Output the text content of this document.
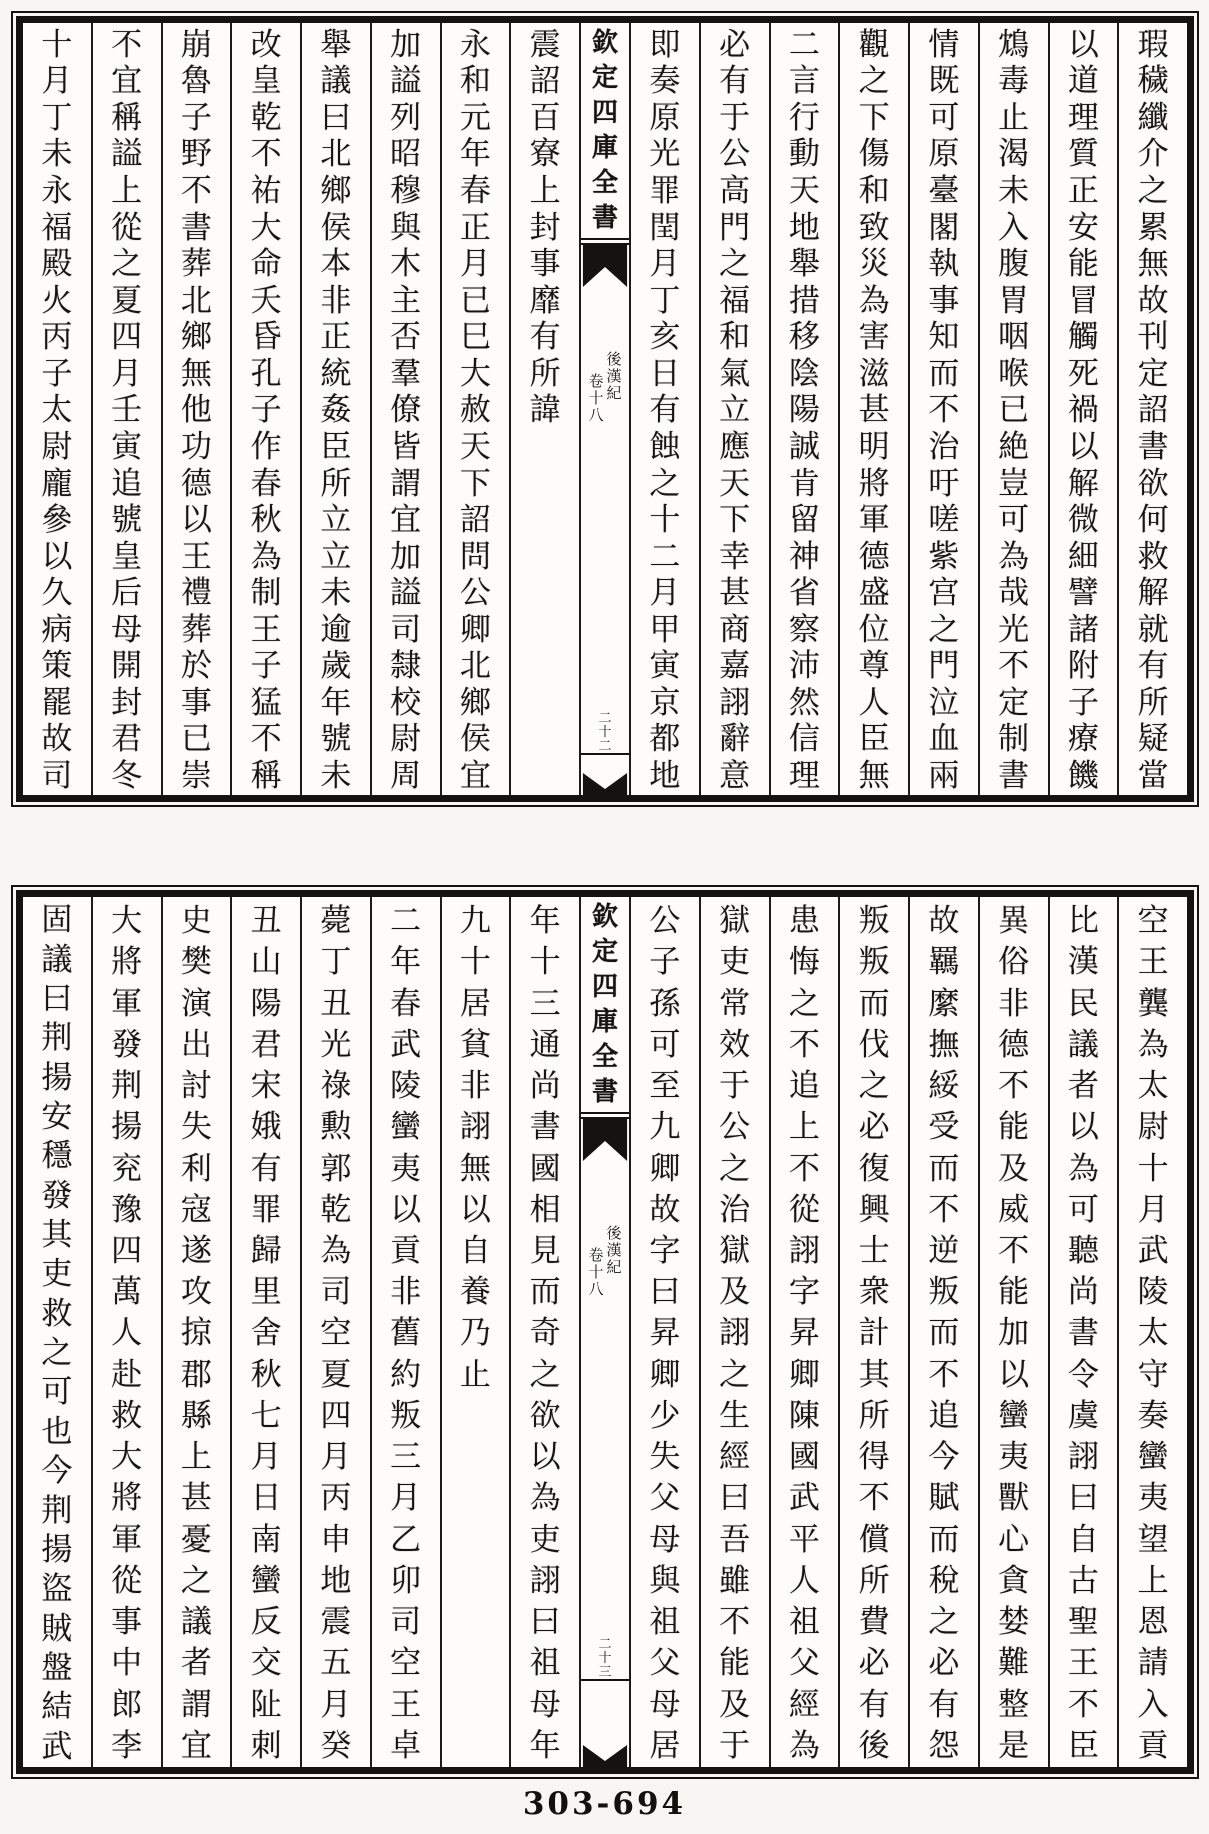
瑕
穢
纖
介
之
累
無
故
刊
定
詔
書
欲
何
救
解
就
有
所
疑
當
以
道
理
質
正
安
能
冒
觸
死
禍
以
解
微
細
譬
諸
附
子
療
饑
鴆
毒
止
渴
未
入
腹
胃
咽
喉
已
絶
豈
可
為
哉
光
不
定
制
書
情
既
可
原
臺
閣
執
事
知
而
不
治
吁
嗟
紫
宫
之
門
泣
血
兩
觀
之
下
傷
和
致
災
為
害
滋
甚
明
將
軍
德
盛
位
尊
人
臣
無
二
言
行
動
天
地
舉
措
移
陰
陽
誠
肯
留
神
省
察
沛
然
信
理
必
有
于
公
高
門
之
福
和
氣
立
應
天
下
幸
甚
商
嘉
詡
辭
意
即
奏
原
光
罪
閏
月
丁
亥
日
有
蝕
之
十
二
月
甲
寅
京
都
地
欽
定
四
庫
全
書
後
漢
紀
卷
十
八
二
十
二
震
詔
百
寮
上
封
事
靡
有
所
諱
永
和
元
年
春
正
月
已
巳
大
赦
天
下
詔
問
公
卿
北
鄉
侯
宜
加
謚
列
昭
穆
與
木
主
否
羣
僚
皆
謂
宜
加
謚
司
隸
校
尉
周
舉
議
曰
北
鄉
侯
本
非
正
統
姦
臣
所
立
立
未
逾
歲
年
號
未
改
皇
乾
不
祐
大
命
夭
昏
孔
子
作
春
秋
為
制
王
子
猛
不
稱
崩
魯
子
野
不
書
葬
北
鄉
無
他
功
德
以
王
禮
葬
於
事
已
崇
不
宜
稱
謚
上
從
之
夏
四
月
壬
寅
追
號
皇
后
母
開
封
君
冬
十
月
丁
未
永
福
殿
火
丙
子
太
尉
龐
參
以
久
病
策
罷
故
司
空
王
龔
為
太
尉
十
月
武
陵
太
守
奏
蠻
夷
望
上
恩
請
入
貢
比
漢
民
議
者
以
為
可
聽
尚
書
令
虞
詡
曰
自
古
聖
王
不
臣
異
俗
非
德
不
能
及
威
不
能
加
以
蠻
夷
獸
心
貪
婪
難
整
是
故
羈
縻
撫
綏
受
而
不
逆
叛
而
不
追
今
賦
而
稅
之
必
有
怨
叛
叛
而
伐
之
必
復
興
士
衆
計
其
所
得
不
償
所
費
必
有
後
患
悔
之
不
追
上
不
從
詡
字
昇
卿
陳
國
武
平
人
祖
父
經
為
獄
吏
常
效
于
公
之
治
獄
及
詡
之
生
經
曰
吾
雖
不
能
及
于
公
子
孫
可
至
九
卿
故
字
曰
昇
卿
少
失
父
母
與
祖
父
母
居
欽
定
四
庫
全
書
後
漢
紀
卷
十
八
二
十
三
年
十
三
通
尚
書
國
相
見
而
奇
之
欲
以
為
吏
詡
曰
祖
母
年
九
十
居
貧
非
詡
無
以
自
養
乃
止
二
年
春
武
陵
蠻
夷
以
貢
非
舊
約
叛
三
月
乙
卯
司
空
王
卓
薨
丁
丑
光
祿
勲
郭
乾
為
司
空
夏
四
月
丙
申
地
震
五
月
癸
丑
山
陽
君
宋
娥
有
罪
歸
里
舍
秋
七
月
日
南
蠻
反
交
阯
刺
史
樊
演
出
討
失
利
寇
遂
攻
掠
郡
縣
上
甚
憂
之
議
者
謂
宜
大
將
軍
發
荆
揚
兖
豫
四
萬
人
赴
救
大
將
軍
從
事
中
郎
李
固
議
曰
荆
揚
安
穩
發
其
吏
救
之
可
也
今
荆
揚
盜
賊
盤
結
武
303-694
